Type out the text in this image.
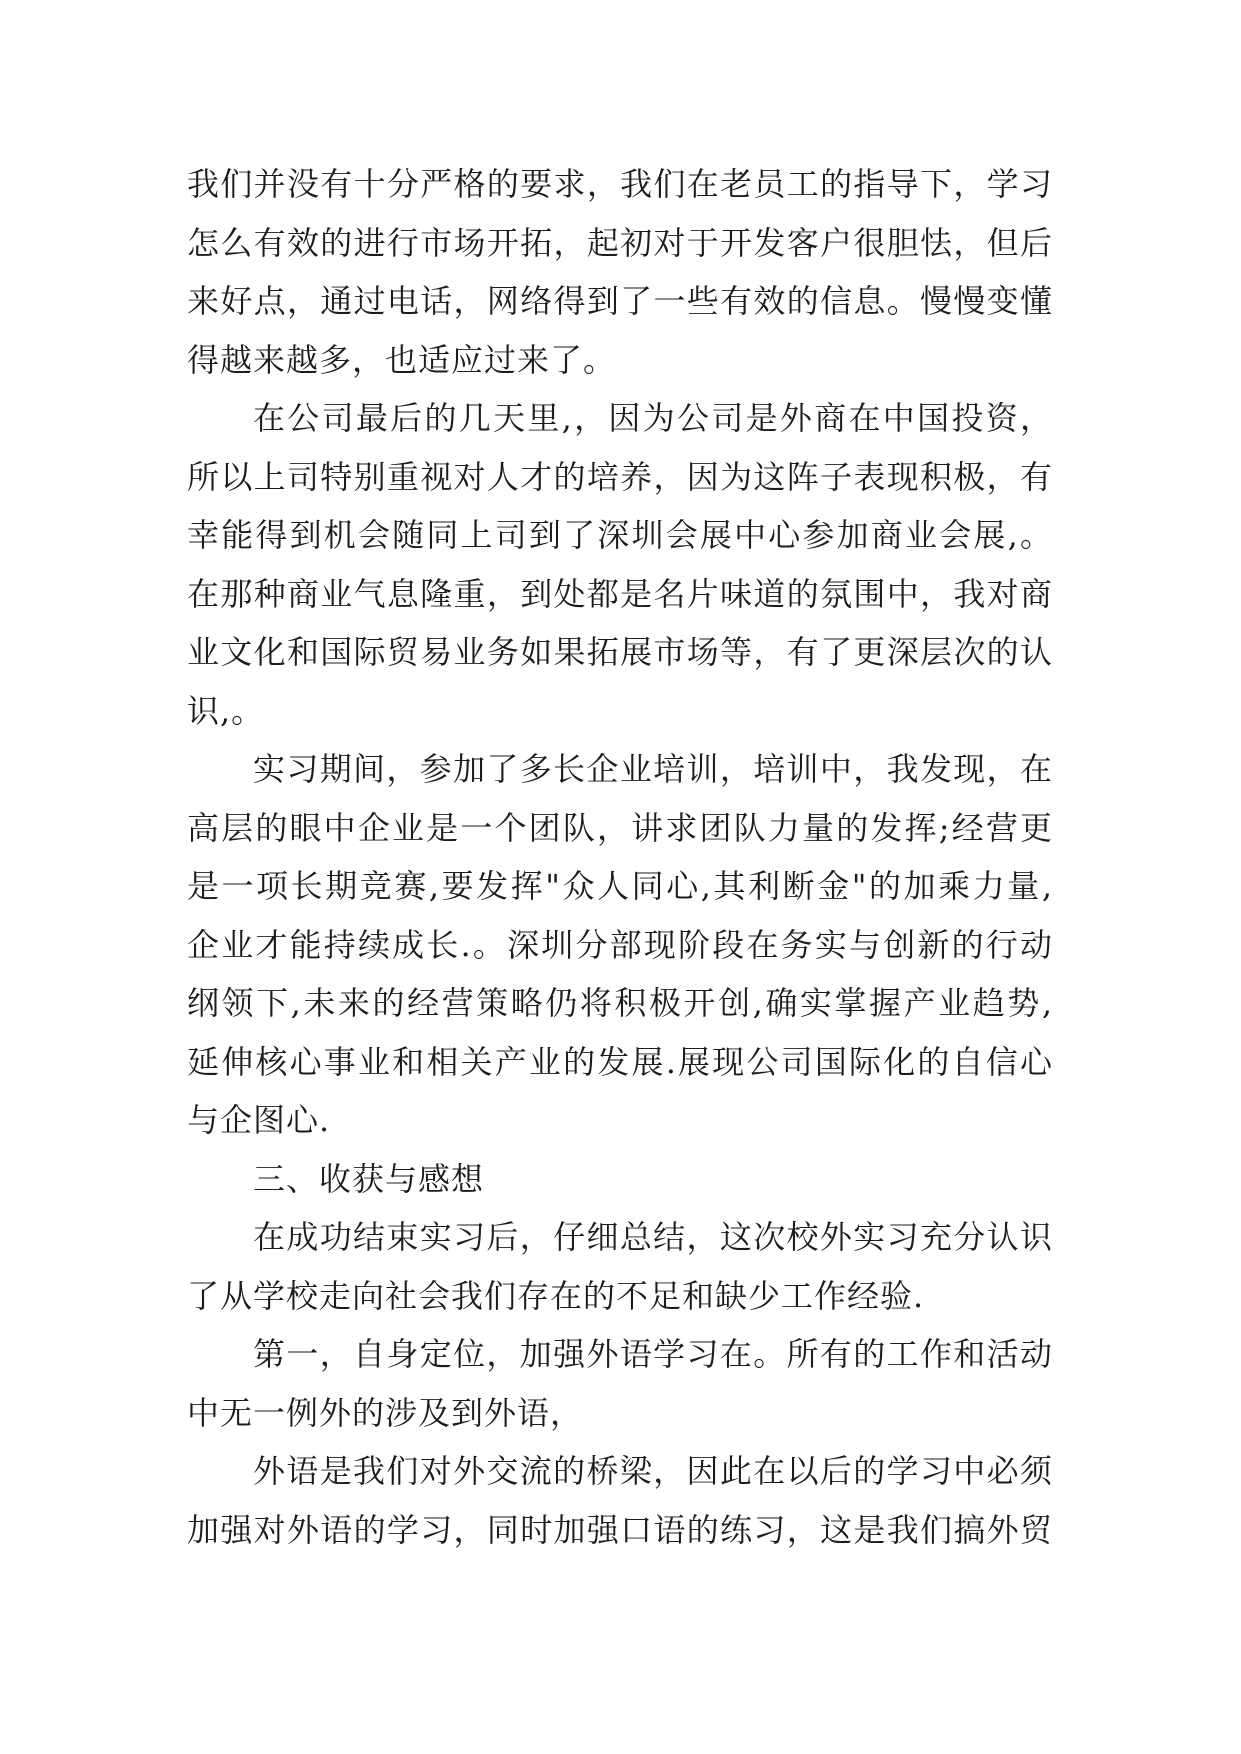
我们并没有十分严格的要求，我们在老员工的指导下，学习
怎么有效的进行市场开拓，起初对于开发客户很胆怯，但后
来好点，通过电话，网络得到了一些有效的信息。慢慢变懂
得越来越多，也适应过来了。
在公司最后的几天里,，因为公司是外商在中国投资，
所以上司特别重视对人才的培养，因为这阵子表现积极，有
幸能得到机会随同上司到了深圳会展中心参加商业会展,。
在那种商业气息隆重，到处都是名片味道的氛围中，我对商
业文化和国际贸易业务如果拓展市场等，有了更深层次的认
识,。
实习期间，参加了多长企业培训，培训中，我发现，在
高层的眼中企业是一个团队，讲求团队力量的发挥;经营更
是一项长期竞赛,要发挥"众人同心,其利断金"的加乘力量,
企业才能持续成长.。深圳分部现阶段在务实与创新的行动
纲领下,未来的经营策略仍将积极开创,确实掌握产业趋势,
延伸核心事业和相关产业的发展.展现公司国际化的自信心
与企图心.
三、收获与感想
在成功结束实习后，仔细总结，这次校外实习充分认识
了从学校走向社会我们存在的不足和缺少工作经验.
第一，自身定位，加强外语学习在。所有的工作和活动
中无一例外的涉及到外语，
外语是我们对外交流的桥梁，因此在以后的学习中必须
加强对外语的学习，同时加强口语的练习，这是我们搞外贸
